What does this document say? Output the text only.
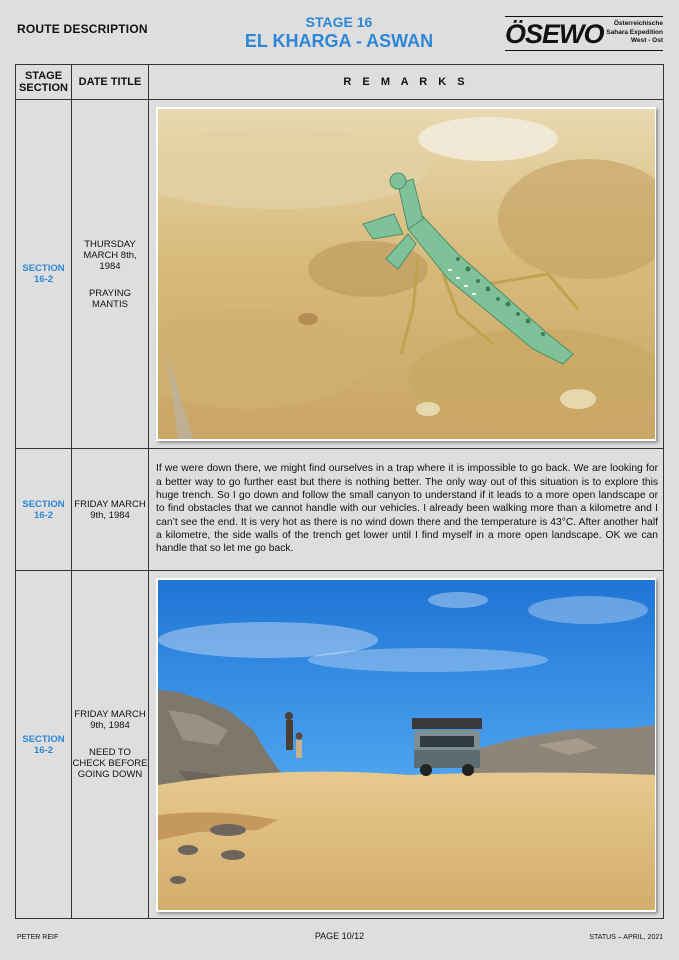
ROUTE DESCRIPTION	STAGE 16
EL KHARGA - ASWAN	ÖSEWO	Österreichische
Sahara Expedition
West - Ost
STAGE SECTION	DATE TITLE	R E M A R K S
SECTION 16-2	THURSDAY MARCH 8th, 1984
PRAYING MANTIS

SECTION 16-2	FRIDAY MARCH 9th, 1984	If we were down there, we might find ourselves in a trap where it is impossible to go back. We are looking for a better way to go further east but there is nothing better. The only way out of this situation is to explore this huge trench. So I go down and follow the small canyon to understand if it leads to a more open landscape or to find obstacles that we cannot handle with our vehicles. I already been walking more than a kilometre and I can’t see the end. It is very hot as there is no wind down there and the temperature is 43°C. After another half a kilometre, the side walls of the trench get lower until I find myself in a more open landscape. OK we can handle that so let me go back.

SECTION 16-2	FRIDAY MARCH 9th, 1984
NEED TO CHECK BEFORE GOING DOWN

PETER REIF	PAGE 10/12	STATUS – APRIL, 2021
